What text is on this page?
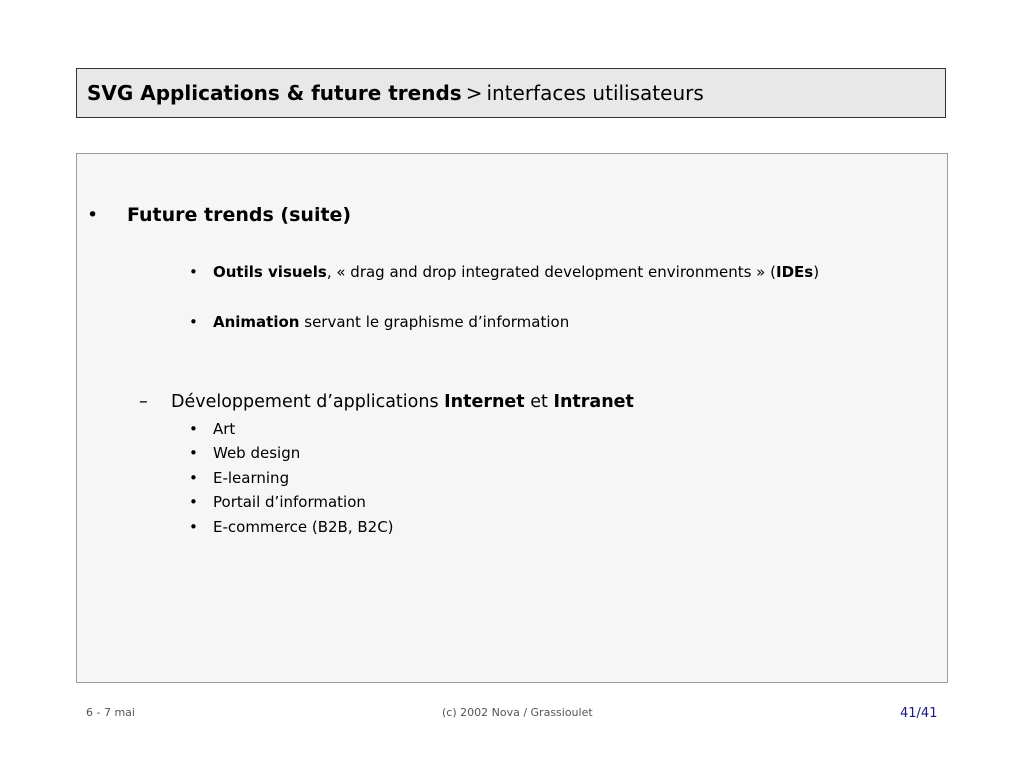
SVG Applications & future trends > interfaces utilisateurs
• Future trends (suite)
• Outils visuels, « drag and drop integrated development environments » (IDEs)
• Animation servant le graphisme d’information
– Développement d’applications Internet et Intranet
• Art
• Web design
• E-learning
• Portail d’information
• E-commerce (B2B, B2C)
6 - 7 mai	(c) 2002 Nova / Grassioulet	41/41
